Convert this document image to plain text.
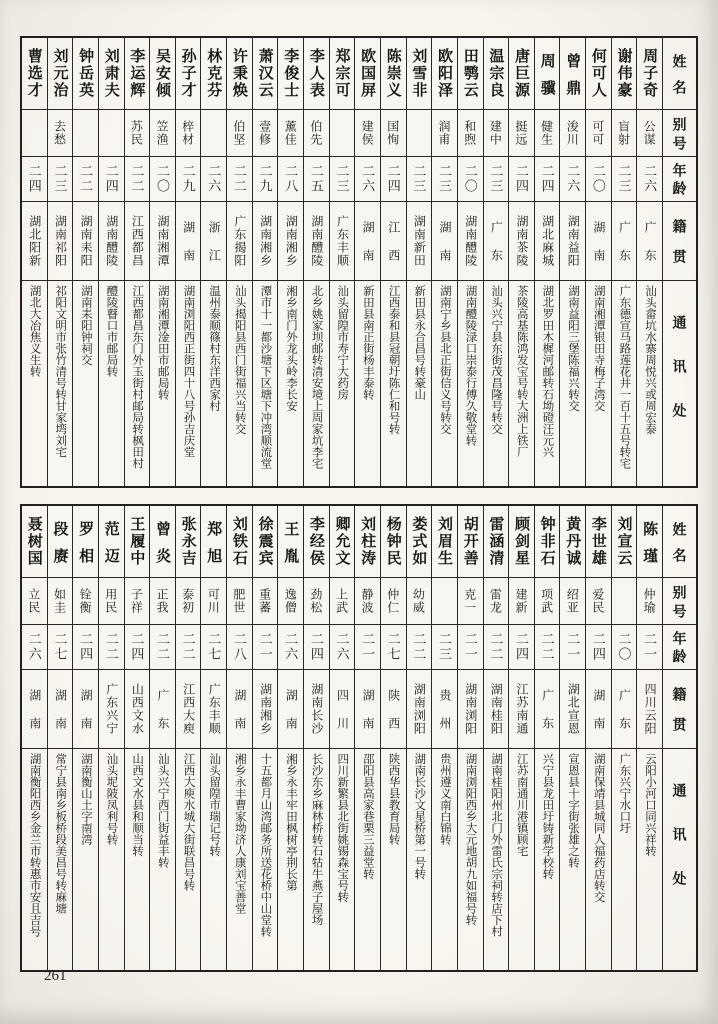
姓名
别号
年龄
籍贯
通讯处
周子奇
公谋
二六
广东
汕头畲坑水寨周悦兴或周宏泰
谢伟豪
盲射
二三
广东
广东德宣马路莲花井一百十五号转宅
何可人
可可
二〇
湖南
湖南湘潭银田寺梅子湾交
曾鼎
浚川
二六
湖南益阳
湖南益阳三堡陈福兴转交
周骥
健生
二四
湖北麻城
湖北罗田木樨河邮转石坳磴汪元兴
唐巨源
挺远
二四
湖南茶陵
茶陵高基陈鸿发宝号转大洲上铁厂
温宗良
建中
二三
广东
汕头兴宁县东街茂昌隆号转交
田鹗云
和煦
二〇
湖南醴陵
湖南醴陵渌口崇泰行傅久敬堂转
欧阳泽
润甫
二三
湖南
湖南宁乡县北正街信义号转交
刘雪非
二三
湖南新田
新田县永合昌号转豪山
陈崇义
国恂
二四
江西
江西泰和县冠朝圩陈仁和号转
欧国屏
建侯
二六
湖南
新田县南正街杨丰泰转
郑宗可
二三
广东丰顺
汕头留隍市寿宁大药房
李人表
伯先
二五
湖南醴陵
北乡姚家坝邮转清安境上周家坑李宅
李俊士
薰佳
二八
湖南湘乡
湘乡南门外龙头岭李长安
萧汉云
壹修
二九
湖南湘乡
潭市十一都沙塘下区塘下冲湾顺流堂
许秉焕
伯坚
二二
广东揭阳
汕头揭阳县西门街福兴当转交
林克芬
二六
浙江
温州泰顺篠村东洋西家村
孙子才
梓材
二九
湖南
湖南浏阳西正街四十八号孙吉庆堂
吴安倾
笠渔
二〇
湖南湘潭
湖南湘潭淦田市邮局转
李运辉
苏民
二二
江西都昌
江西都昌东门外玉街村邮局转枫田村
刘肃夫
二四
湖南醴陵
醴陵瞽口市邮局转
钟岳英
二二
湖南耒阳
湖南耒阳钟祠交
刘元治
去愁
二三
湖南祁阳
祁阳文明市张竹清号转甘家塆刘宅
曹选才
二四
湖北阳新
湖北大冶焦义生转
姓名
别号
年龄
籍贯
通讯处
陈瑾
仲瑜
二一
四川云阳
云阳小河口同兴祥转
刘宣云
二〇
广东
广东兴宁水口圩
李世雄
爱民
二四
湖南
湖南保靖县城同人福药店转交
黄丹诚
绍亚
二一
湖北宣恩
宣恩县十字街张雄之转
钟非石
项武
二二
广东
兴宁县龙田圩铸新学校转
顾剑星
建新
二四
江苏南通
江苏南通川港镇顾宅
雷涵清
雷龙
二二
湖南桂阳
湖南桂阳州北门外雷氏宗祠转店下村
胡开善
克一
二一
湖南浏阳
湖南浏阳西乡大元地胡九如福号转
刘眉生
二三
贵州
贵州遵义南白锦转
娄式如
幼威
二二
湖南浏阳
湖南长沙文星桥第一号转
杨钟民
仲仁
二七
陕西
陕西华县教育局转
刘柱涛
静波
二一
湖南
邵阳县高家巷栗三益堂转
卿允文
上武
二六
四川
四川新繁县北街姚锡森宝号转
李经侯
劲松
二四
湖南长沙
长沙东乡麻林桥转石牯牛燕子屋场
王胤
逸僧
二六
湖南
湘乡永丰牢田枫树亭荆长第
徐震宾
重蕃
二一
湖南湘乡
十五都月山湾邮务所送花桥中山堂转
刘铁石
肥世
二八
湖南
湘乡永丰曹家坳济人康刘宝善堂
郑旭
可川
二七
广东丰顺
汕头留隍市瑞记号转
张永吉
泰初
二二
江西大庾
江西大庾水城大街联昌号转
曾炎
正我
二二
广东
汕头兴宁西门街益丰转
王履中
子祥
二四
山西文水
山西文水县和顺当转
范迈
用民
二二
广东兴宁
汕头坭陂凤利号转
罗相
铨衡
二四
湖南
湖南衡山土字南湾
段赓
如圭
二七
湖南
常宁县南乡板桥段美昌号转麻塘
聂树国
立民
二六
湖南
湖南衡阳西乡金兰市转惠市安且吉号
261
